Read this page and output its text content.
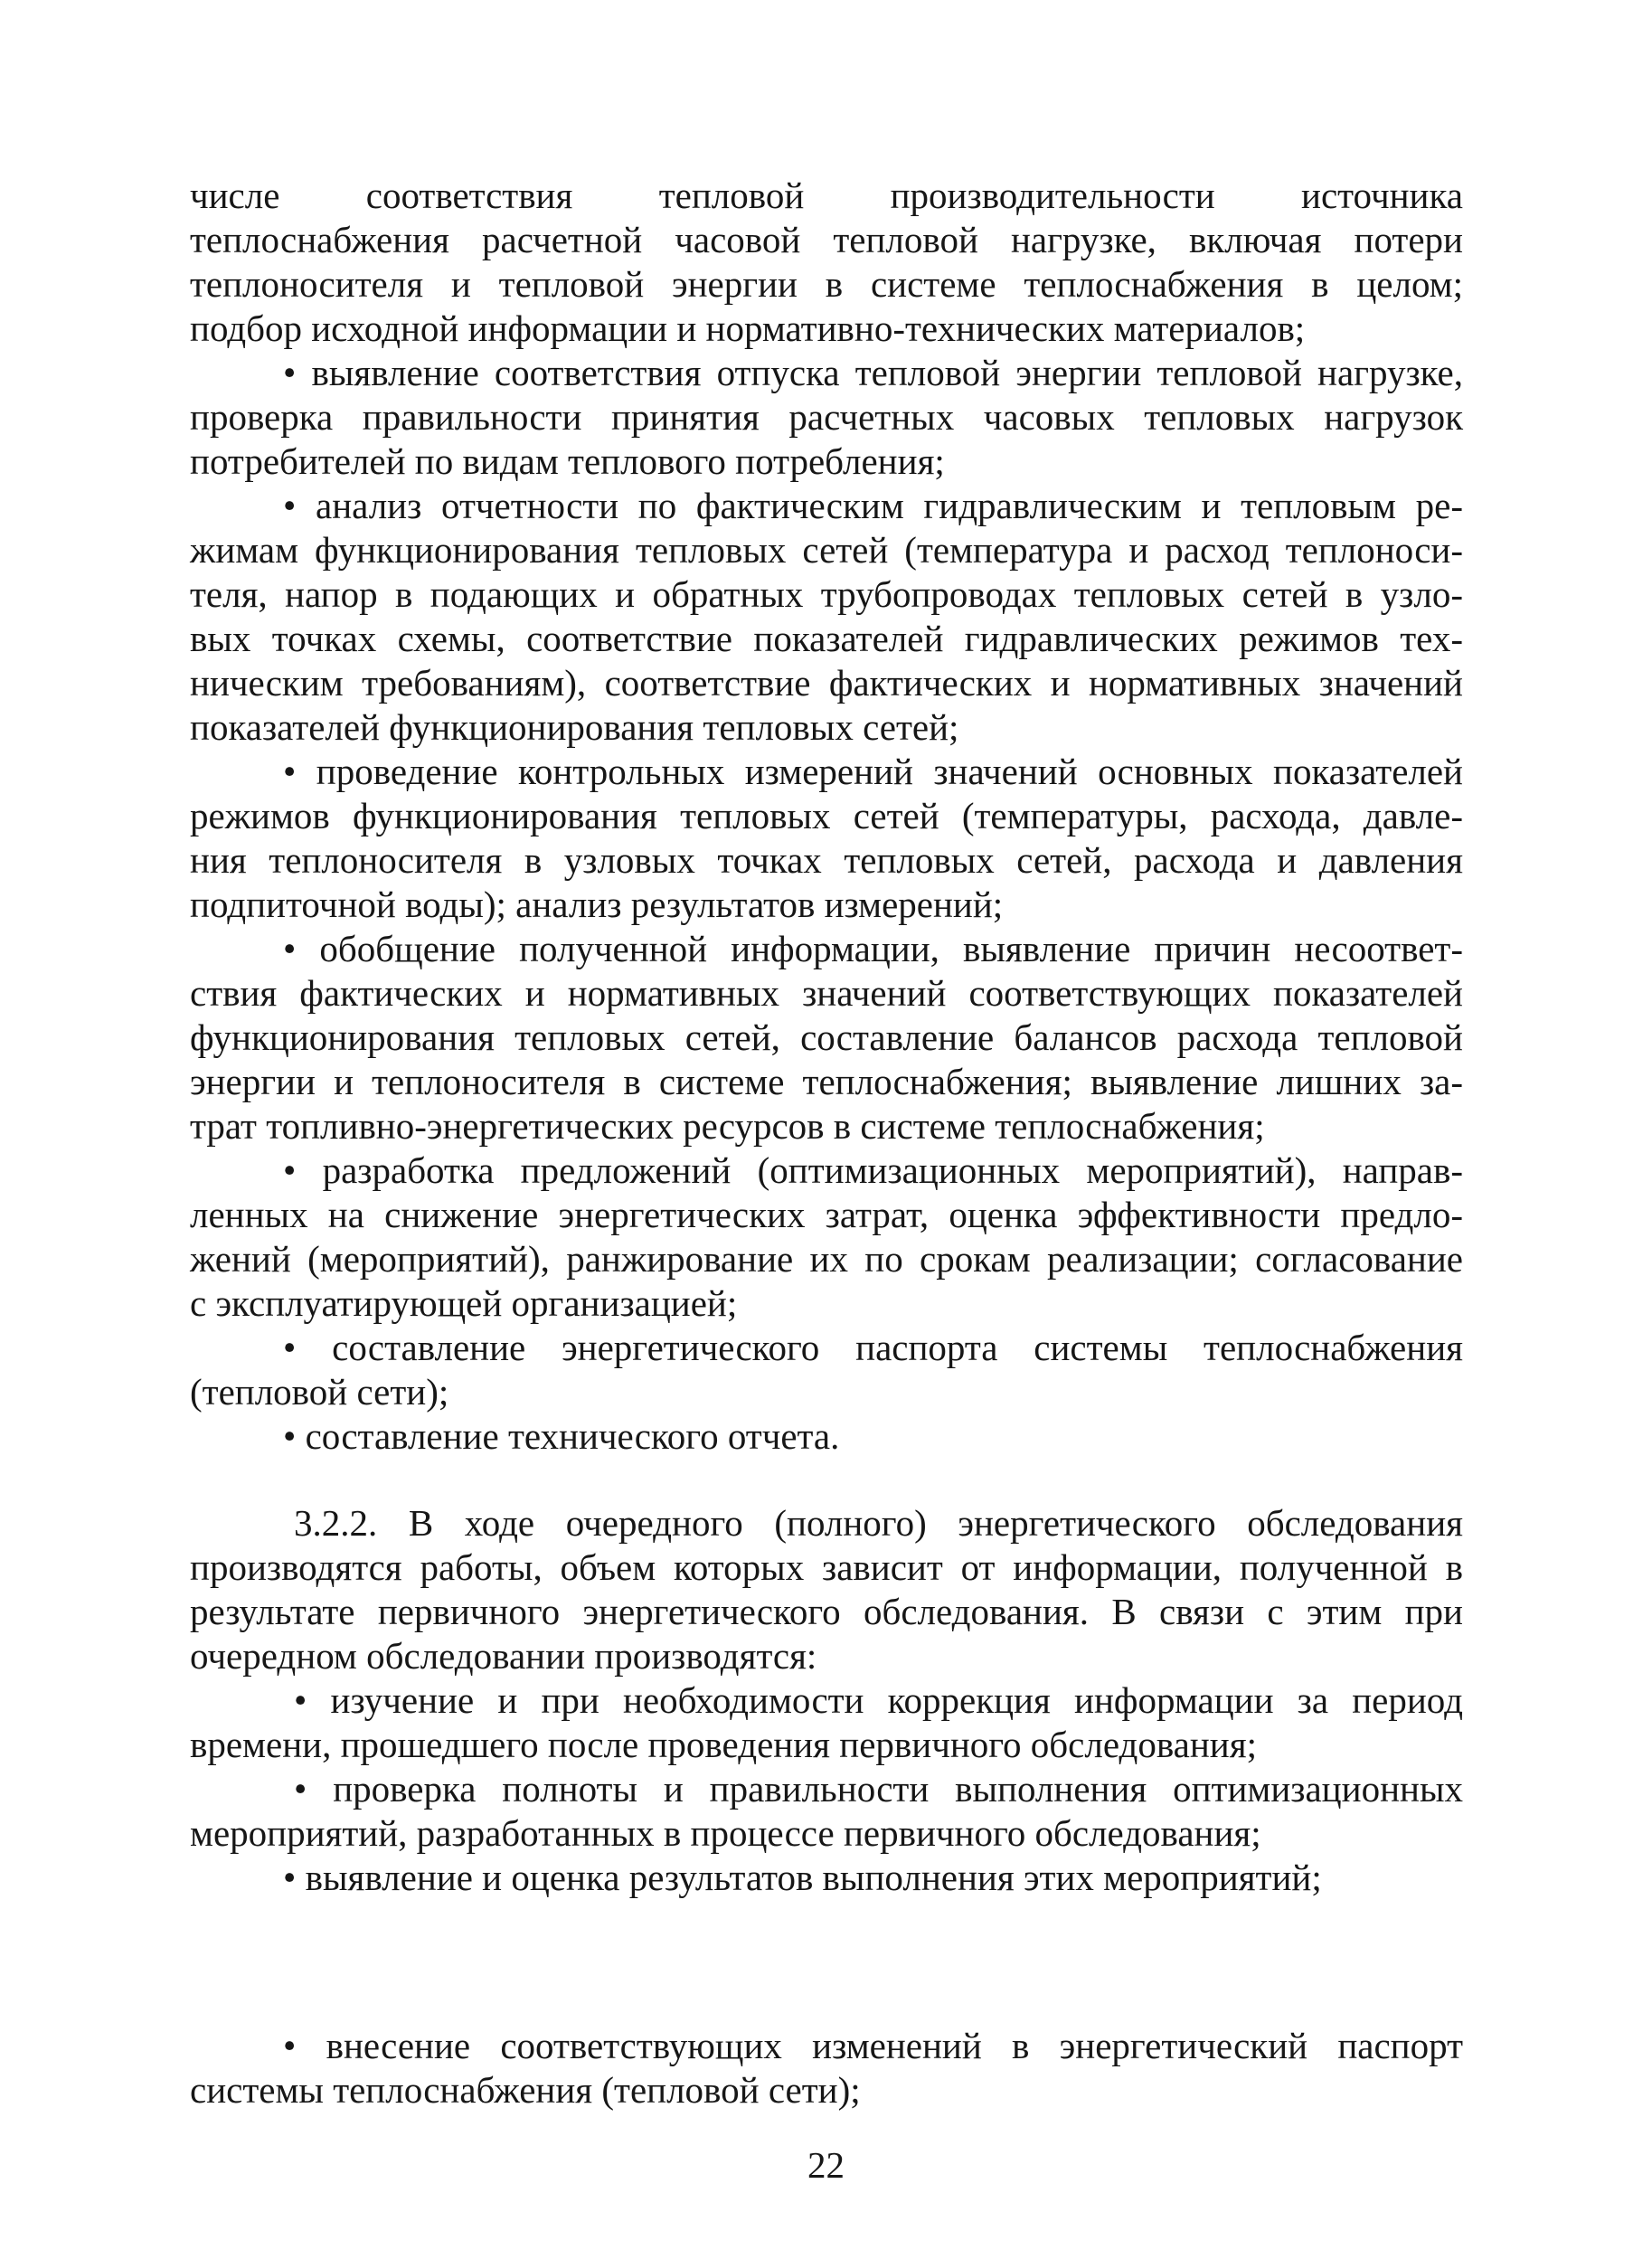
числе соответствия тепловой производительности источника
теплоснабжения расчетной часовой тепловой нагрузке, включая потери
теплоносителя и тепловой энергии в системе теплоснабжения в целом;
подбор исходной информации и нормативно-технических материалов;
• выявление соответствия отпуска тепловой энергии тепловой нагрузке,
проверка правильности принятия расчетных часовых тепловых нагрузок
потребителей по видам теплового потребления;
• анализ отчетности по фактическим гидравлическим и тепловым ре-
жимам функционирования тепловых сетей (температура и расход теплоноси-
теля, напор в подающих и обратных трубопроводах тепловых сетей в узло-
вых точках схемы, соответствие показателей гидравлических режимов тех-
ническим требованиям), соответствие фактических и нормативных значений
показателей функционирования тепловых сетей;
• проведение контрольных измерений значений основных показателей
режимов функционирования тепловых сетей (температуры, расхода, давле-
ния теплоносителя в узловых точках тепловых сетей, расхода и давления
подпиточной воды); анализ результатов измерений;
• обобщение полученной информации, выявление причин несоответ-
ствия фактических и нормативных значений соответствующих показателей
функционирования тепловых сетей, составление балансов расхода тепловой
энергии и теплоносителя в системе теплоснабжения; выявление лишних за-
трат топливно-энергетических ресурсов в системе теплоснабжения;
• разработка предложений (оптимизационных мероприятий), направ-
ленных на снижение энергетических затрат, оценка эффективности предло-
жений (мероприятий), ранжирование их по срокам реализации; согласование
с эксплуатирующей организацией;
• составление энергетического паспорта системы теплоснабжения
(тепловой сети);
• составление технического отчета.
3.2.2. В ходе очередного (полного) энергетического обследования
производятся работы, объем которых зависит от информации, полученной в
результате первичного энергетического обследования. В связи с этим при
очередном обследовании производятся:
• изучение и при необходимости коррекция информации за период
времени, прошедшего после проведения первичного обследования;
• проверка полноты и правильности выполнения оптимизационных
мероприятий, разработанных в процессе первичного обследования;
• выявление и оценка результатов выполнения этих мероприятий;
• внесение соответствующих изменений в энергетический паспорт
системы теплоснабжения (тепловой сети);
22
